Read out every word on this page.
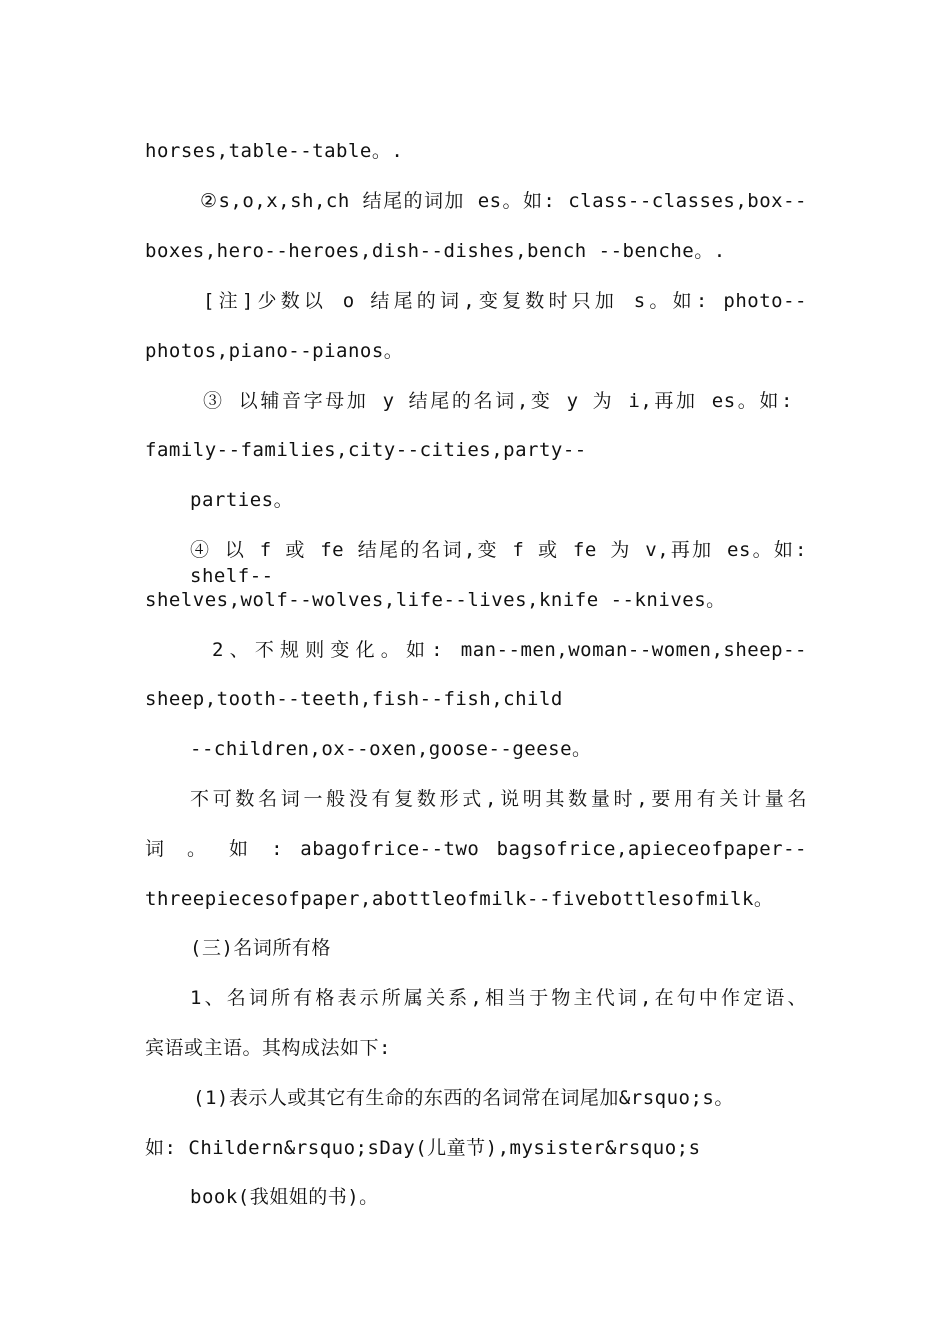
horses,table--table。.
②s,o,x,sh,ch 结尾的词加 es。如: class--classes,box--
boxes,hero--heroes,dish--dishes,bench --benche。.
[注]少数以 o 结尾的词,变复数时只加 s。如: photo--
photos,piano--pianos。
③ 以辅音字母加 y 结尾的名词,变 y 为 i,再加 es。如:
family--families,city--cities,party--
parties。
④ 以 f 或 fe 结尾的名词,变 f 或 fe 为 v,再加 es。如: shelf--
shelves,wolf--wolves,life--lives,knife --knives。
2、不规则变化。如: man--men,woman--women,sheep--
sheep,tooth--teeth,fish--fish,child
--children,ox--oxen,goose--geese。
不可数名词一般没有复数形式,说明其数量时,要用有关计量名
词 。 如 : abagofrice--two bagsofrice,apieceofpaper--
threepiecesofpaper,abottleofmilk--fivebottlesofmilk。
(三)名词所有格
1、名词所有格表示所属关系,相当于物主代词,在句中作定语、
宾语或主语。其构成法如下:
(1)表示人或其它有生命的东西的名词常在词尾加&rsquo;s。
如: Childern&rsquo;sDay(儿童节),mysister&rsquo;s
book(我姐姐的书)。
